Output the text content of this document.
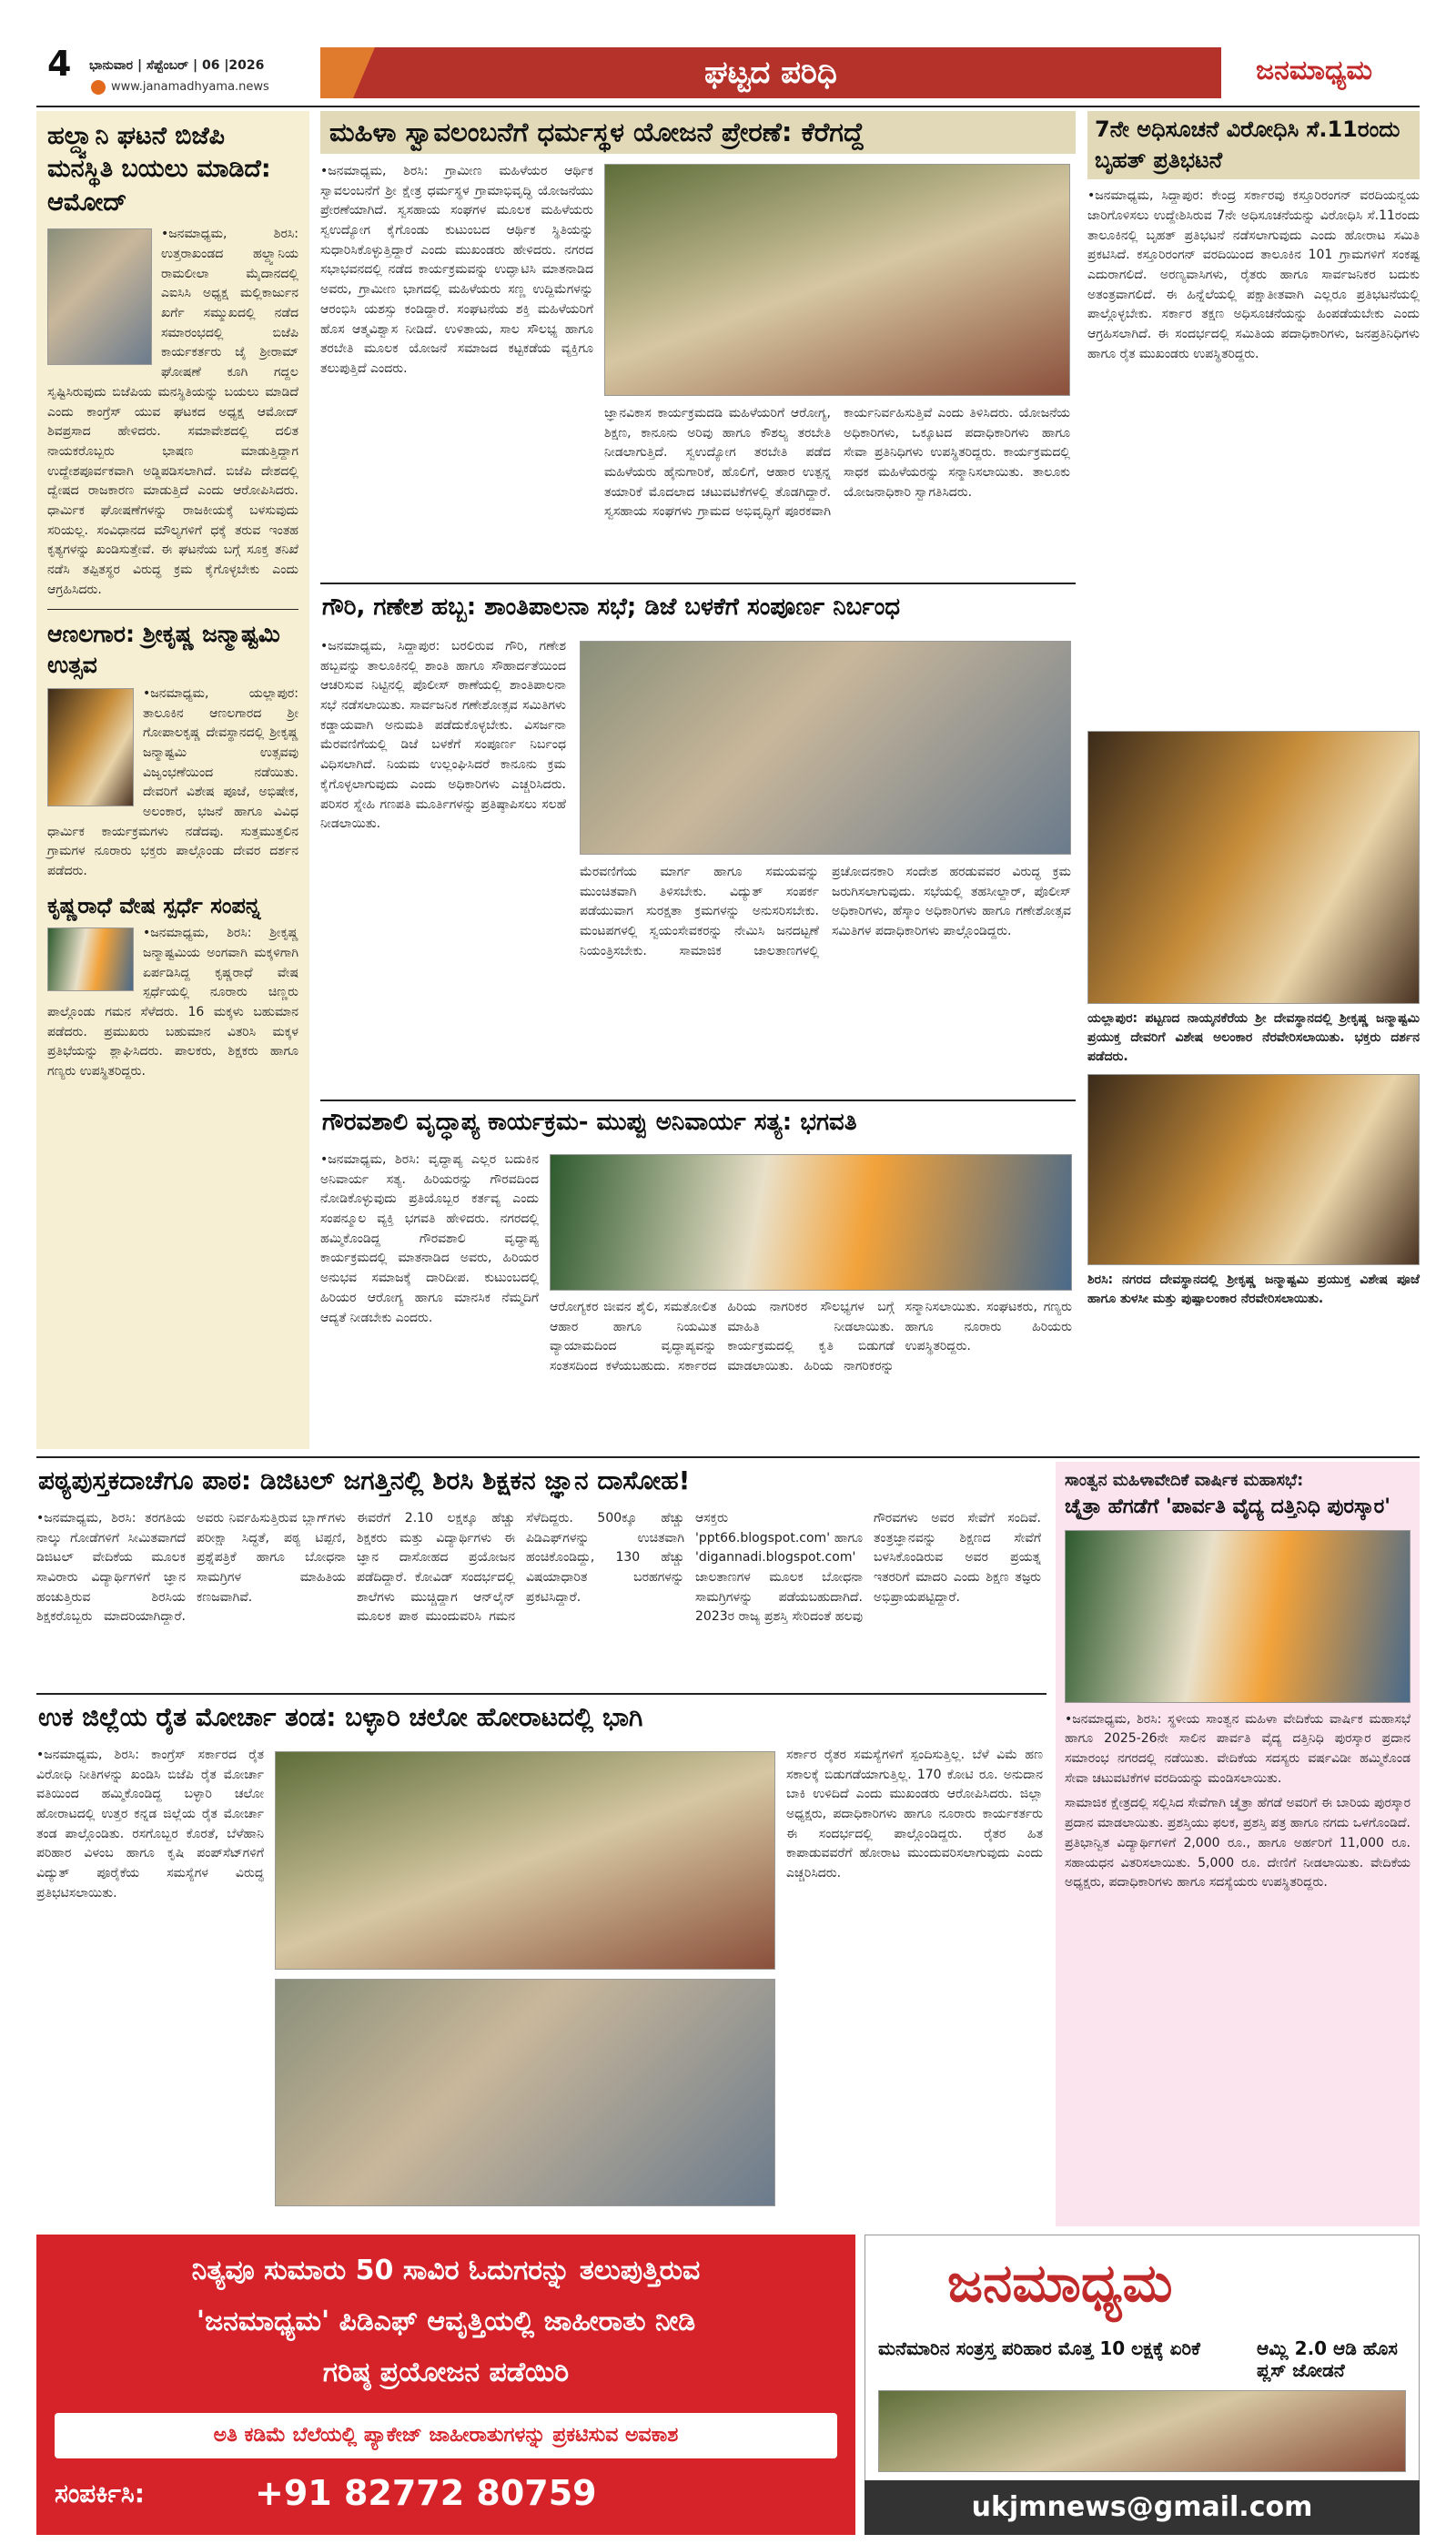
4 ಭಾನುವಾರ | ಸೆಪ್ಟೆಂಬರ್ | 06 |2026
www.janamadhyama.news	ಘಟ್ಟದ ಪರಿಧಿ	ಜನಮಾಧ್ಯಮ
ಹಲ್ದ್ವಾನಿ ಘಟನೆ ಬಿಜೆಪಿ ಮನಸ್ಥಿತಿ ಬಯಲು ಮಾಡಿದೆ: ಆಮೋದ್
•ಜನಮಾಧ್ಯಮ, ಶಿರಸಿ: ಉತ್ತರಾಖಂಡದ ಹಲ್ದ್ವಾನಿಯ ರಾಮಲೀಲಾ ಮೈದಾನದಲ್ಲಿ ಎಐಸಿಸಿ ಅಧ್ಯಕ್ಷ ಮಲ್ಲಿಕಾರ್ಜುನ ಖರ್ಗೆ ಸಮ್ಮುಖದಲ್ಲಿ ನಡೆದ ಸಮಾರಂಭದಲ್ಲಿ ಬಿಜೆಪಿ ಕಾರ್ಯಕರ್ತರು ಜೈ ಶ್ರೀರಾಮ್ ಘೋಷಣೆ ಕೂಗಿ ಗದ್ದಲ ಸೃಷ್ಟಿಸಿರುವುದು ಬಿಜೆಪಿಯ ಮನಸ್ಥಿತಿಯನ್ನು ಬಯಲು ಮಾಡಿದೆ ಎಂದು ಕಾಂಗ್ರೆಸ್ ಯುವ ಘಟಕದ ಅಧ್ಯಕ್ಷ ಆಮೋದ್ ಶಿವಪ್ರಸಾದ ಹೇಳಿದರು. ಸಮಾವೇಶದಲ್ಲಿ ದಲಿತ ನಾಯಕರೊಬ್ಬರು ಭಾಷಣ ಮಾಡುತ್ತಿದ್ದಾಗ ಉದ್ದೇಶಪೂರ್ವಕವಾಗಿ ಅಡ್ಡಿಪಡಿಸಲಾಗಿದೆ. ಬಿಜೆಪಿ ದೇಶದಲ್ಲಿ ದ್ವೇಷದ ರಾಜಕಾರಣ ಮಾಡುತ್ತಿದೆ ಎಂದು ಆರೋಪಿಸಿದರು. ಧಾರ್ಮಿಕ ಘೋಷಣೆಗಳನ್ನು ರಾಜಕೀಯಕ್ಕೆ ಬಳಸುವುದು ಸರಿಯಲ್ಲ. ಸಂವಿಧಾನದ ಮೌಲ್ಯಗಳಿಗೆ ಧಕ್ಕೆ ತರುವ ಇಂತಹ ಕೃತ್ಯಗಳನ್ನು ಖಂಡಿಸುತ್ತೇವೆ. ಈ ಘಟನೆಯ ಬಗ್ಗೆ ಸೂಕ್ತ ತನಿಖೆ ನಡೆಸಿ ತಪ್ಪಿತಸ್ಥರ ವಿರುದ್ಧ ಕ್ರಮ ಕೈಗೊಳ್ಳಬೇಕು ಎಂದು ಆಗ್ರಹಿಸಿದರು.
ಆಣಲಗಾರ: ಶ್ರೀಕೃಷ್ಣ ಜನ್ಮಾಷ್ಟಮಿ ಉತ್ಸವ
•ಜನಮಾಧ್ಯಮ, ಯಲ್ಲಾಪುರ: ತಾಲೂಕಿನ ಆಣಲಗಾರದ ಶ್ರೀ ಗೋಪಾಲಕೃಷ್ಣ ದೇವಸ್ಥಾನದಲ್ಲಿ ಶ್ರೀಕೃಷ್ಣ ಜನ್ಮಾಷ್ಟಮಿ ಉತ್ಸವವು ವಿಜೃಂಭಣೆಯಿಂದ ನಡೆಯಿತು. ದೇವರಿಗೆ ವಿಶೇಷ ಪೂಜೆ, ಅಭಿಷೇಕ, ಅಲಂಕಾರ, ಭಜನೆ ಹಾಗೂ ವಿವಿಧ ಧಾರ್ಮಿಕ ಕಾರ್ಯಕ್ರಮಗಳು ನಡೆದವು. ಸುತ್ತಮುತ್ತಲಿನ ಗ್ರಾಮಗಳ ನೂರಾರು ಭಕ್ತರು ಪಾಲ್ಗೊಂಡು ದೇವರ ದರ್ಶನ ಪಡೆದರು.
ಕೃಷ್ಣರಾಧೆ ವೇಷ ಸ್ಪರ್ಧೆ ಸಂಪನ್ನ
•ಜನಮಾಧ್ಯಮ, ಶಿರಸಿ: ಶ್ರೀಕೃಷ್ಣ ಜನ್ಮಾಷ್ಟಮಿಯ ಅಂಗವಾಗಿ ಮಕ್ಕಳಿಗಾಗಿ ಏರ್ಪಡಿಸಿದ್ದ ಕೃಷ್ಣರಾಧೆ ವೇಷ ಸ್ಪರ್ಧೆಯಲ್ಲಿ ನೂರಾರು ಚಿಣ್ಣರು ಪಾಲ್ಗೊಂಡು ಗಮನ ಸೆಳೆದರು. 16 ಮಕ್ಕಳು ಬಹುಮಾನ ಪಡೆದರು. ಪ್ರಮುಖರು ಬಹುಮಾನ ವಿತರಿಸಿ ಮಕ್ಕಳ ಪ್ರತಿಭೆಯನ್ನು ಶ್ಲಾಘಿಸಿದರು. ಪಾಲಕರು, ಶಿಕ್ಷಕರು ಹಾಗೂ ಗಣ್ಯರು ಉಪಸ್ಥಿತರಿದ್ದರು.
ಮಹಿಳಾ ಸ್ವಾವಲಂಬನೆಗೆ ಧರ್ಮಸ್ಥಳ ಯೋಜನೆ ಪ್ರೇರಣೆ: ಕೆರೆಗದ್ದೆ
•ಜನಮಾಧ್ಯಮ, ಶಿರಸಿ: ಗ್ರಾಮೀಣ ಮಹಿಳೆಯರ ಆರ್ಥಿಕ ಸ್ವಾವಲಂಬನೆಗೆ ಶ್ರೀ ಕ್ಷೇತ್ರ ಧರ್ಮಸ್ಥಳ ಗ್ರಾಮಾಭಿವೃದ್ಧಿ ಯೋಜನೆಯು ಪ್ರೇರಣೆಯಾಗಿದೆ. ಸ್ವಸಹಾಯ ಸಂಘಗಳ ಮೂಲಕ ಮಹಿಳೆಯರು ಸ್ವಉದ್ಯೋಗ ಕೈಗೊಂಡು ಕುಟುಂಬದ ಆರ್ಥಿಕ ಸ್ಥಿತಿಯನ್ನು ಸುಧಾರಿಸಿಕೊಳ್ಳುತ್ತಿದ್ದಾರೆ ಎಂದು ಮುಖಂಡರು ಹೇಳಿದರು. ನಗರದ ಸಭಾಭವನದಲ್ಲಿ ನಡೆದ ಕಾರ್ಯಕ್ರಮವನ್ನು ಉದ್ಘಾಟಿಸಿ ಮಾತನಾಡಿದ ಅವರು, ಗ್ರಾಮೀಣ ಭಾಗದಲ್ಲಿ ಮಹಿಳೆಯರು ಸಣ್ಣ ಉದ್ದಿಮೆಗಳನ್ನು ಆರಂಭಿಸಿ ಯಶಸ್ಸು ಕಂಡಿದ್ದಾರೆ. ಸಂಘಟನೆಯ ಶಕ್ತಿ ಮಹಿಳೆಯರಿಗೆ ಹೊಸ ಆತ್ಮವಿಶ್ವಾಸ ನೀಡಿದೆ. ಉಳಿತಾಯ, ಸಾಲ ಸೌಲಭ್ಯ ಹಾಗೂ ತರಬೇತಿ ಮೂಲಕ ಯೋಜನೆ ಸಮಾಜದ ಕಟ್ಟಕಡೆಯ ವ್ಯಕ್ತಿಗೂ ತಲುಪುತ್ತಿದೆ ಎಂದರು.
ಜ್ಞಾನವಿಕಾಸ ಕಾರ್ಯಕ್ರಮದಡಿ ಮಹಿಳೆಯರಿಗೆ ಆರೋಗ್ಯ, ಶಿಕ್ಷಣ, ಕಾನೂನು ಅರಿವು ಹಾಗೂ ಕೌಶಲ್ಯ ತರಬೇತಿ ನೀಡಲಾಗುತ್ತಿದೆ. ಸ್ವಉದ್ಯೋಗ ತರಬೇತಿ ಪಡೆದ ಮಹಿಳೆಯರು ಹೈನುಗಾರಿಕೆ, ಹೊಲಿಗೆ, ಆಹಾರ ಉತ್ಪನ್ನ ತಯಾರಿಕೆ ಮೊದಲಾದ ಚಟುವಟಿಕೆಗಳಲ್ಲಿ ತೊಡಗಿದ್ದಾರೆ. ಸ್ವಸಹಾಯ ಸಂಘಗಳು ಗ್ರಾಮದ ಅಭಿವೃದ್ಧಿಗೆ ಪೂರಕವಾಗಿ ಕಾರ್ಯನಿರ್ವಹಿಸುತ್ತಿವೆ ಎಂದು ತಿಳಿಸಿದರು. ಯೋಜನೆಯ ಅಧಿಕಾರಿಗಳು, ಒಕ್ಕೂಟದ ಪದಾಧಿಕಾರಿಗಳು ಹಾಗೂ ಸೇವಾ ಪ್ರತಿನಿಧಿಗಳು ಉಪಸ್ಥಿತರಿದ್ದರು. ಕಾರ್ಯಕ್ರಮದಲ್ಲಿ ಸಾಧಕ ಮಹಿಳೆಯರನ್ನು ಸನ್ಮಾನಿಸಲಾಯಿತು. ತಾಲೂಕು ಯೋಜನಾಧಿಕಾರಿ ಸ್ವಾಗತಿಸಿದರು.
7ನೇ ಅಧಿಸೂಚನೆ ವಿರೋಧಿಸಿ ಸೆ.11ರಂದು ಬೃಹತ್ ಪ್ರತಿಭಟನೆ
•ಜನಮಾಧ್ಯಮ, ಸಿದ್ದಾಪುರ: ಕೇಂದ್ರ ಸರ್ಕಾರವು ಕಸ್ತೂರಿರಂಗನ್ ವರದಿಯನ್ವಯ ಜಾರಿಗೊಳಿಸಲು ಉದ್ದೇಶಿಸಿರುವ 7ನೇ ಅಧಿಸೂಚನೆಯನ್ನು ವಿರೋಧಿಸಿ ಸೆ.11ರಂದು ತಾಲೂಕಿನಲ್ಲಿ ಬೃಹತ್ ಪ್ರತಿಭಟನೆ ನಡೆಸಲಾಗುವುದು ಎಂದು ಹೋರಾಟ ಸಮಿತಿ ಪ್ರಕಟಿಸಿದೆ. ಕಸ್ತೂರಿರಂಗನ್ ವರದಿಯಿಂದ ತಾಲೂಕಿನ 101 ಗ್ರಾಮಗಳಿಗೆ ಸಂಕಷ್ಟ ಎದುರಾಗಲಿದೆ. ಅರಣ್ಯವಾಸಿಗಳು, ರೈತರು ಹಾಗೂ ಸಾರ್ವಜನಿಕರ ಬದುಕು ಅತಂತ್ರವಾಗಲಿದೆ. ಈ ಹಿನ್ನೆಲೆಯಲ್ಲಿ ಪಕ್ಷಾತೀತವಾಗಿ ಎಲ್ಲರೂ ಪ್ರತಿಭಟನೆಯಲ್ಲಿ ಪಾಲ್ಗೊಳ್ಳಬೇಕು. ಸರ್ಕಾರ ತಕ್ಷಣ ಅಧಿಸೂಚನೆಯನ್ನು ಹಿಂಪಡೆಯಬೇಕು ಎಂದು ಆಗ್ರಹಿಸಲಾಗಿದೆ. ಈ ಸಂದರ್ಭದಲ್ಲಿ ಸಮಿತಿಯ ಪದಾಧಿಕಾರಿಗಳು, ಜನಪ್ರತಿನಿಧಿಗಳು ಹಾಗೂ ರೈತ ಮುಖಂಡರು ಉಪಸ್ಥಿತರಿದ್ದರು.
ಯಲ್ಲಾಪುರ: ಪಟ್ಟಣದ ನಾಯ್ಕನಕೆರೆಯ ಶ್ರೀ ದೇವಸ್ಥಾನದಲ್ಲಿ ಶ್ರೀಕೃಷ್ಣ ಜನ್ಮಾಷ್ಟಮಿ ಪ್ರಯುಕ್ತ ದೇವರಿಗೆ ವಿಶೇಷ ಅಲಂಕಾರ ನೆರವೇರಿಸಲಾಯಿತು. ಭಕ್ತರು ದರ್ಶನ ಪಡೆದರು.
ಶಿರಸಿ: ನಗರದ ದೇವಸ್ಥಾನದಲ್ಲಿ ಶ್ರೀಕೃಷ್ಣ ಜನ್ಮಾಷ್ಟಮಿ ಪ್ರಯುಕ್ತ ವಿಶೇಷ ಪೂಜೆ ಹಾಗೂ ತುಳಸೀ ಮತ್ತು ಪುಷ್ಪಾಲಂಕಾರ ನೆರವೇರಿಸಲಾಯಿತು.
ಗೌರಿ, ಗಣೇಶ ಹಬ್ಬ: ಶಾಂತಿಪಾಲನಾ ಸಭೆ; ಡಿಜೆ ಬಳಕೆಗೆ ಸಂಪೂರ್ಣ ನಿರ್ಬಂಧ
•ಜನಮಾಧ್ಯಮ, ಸಿದ್ದಾಪುರ: ಬರಲಿರುವ ಗೌರಿ, ಗಣೇಶ ಹಬ್ಬವನ್ನು ತಾಲೂಕಿನಲ್ಲಿ ಶಾಂತಿ ಹಾಗೂ ಸೌಹಾರ್ದತೆಯಿಂದ ಆಚರಿಸುವ ನಿಟ್ಟಿನಲ್ಲಿ ಪೊಲೀಸ್ ಠಾಣೆಯಲ್ಲಿ ಶಾಂತಿಪಾಲನಾ ಸಭೆ ನಡೆಸಲಾಯಿತು. ಸಾರ್ವಜನಿಕ ಗಣೇಶೋತ್ಸವ ಸಮಿತಿಗಳು ಕಡ್ಡಾಯವಾಗಿ ಅನುಮತಿ ಪಡೆದುಕೊಳ್ಳಬೇಕು. ವಿಸರ್ಜನಾ ಮೆರವಣಿಗೆಯಲ್ಲಿ ಡಿಜೆ ಬಳಕೆಗೆ ಸಂಪೂರ್ಣ ನಿರ್ಬಂಧ ವಿಧಿಸಲಾಗಿದೆ. ನಿಯಮ ಉಲ್ಲಂಘಿಸಿದರೆ ಕಾನೂನು ಕ್ರಮ ಕೈಗೊಳ್ಳಲಾಗುವುದು ಎಂದು ಅಧಿಕಾರಿಗಳು ಎಚ್ಚರಿಸಿದರು. ಪರಿಸರ ಸ್ನೇಹಿ ಗಣಪತಿ ಮೂರ್ತಿಗಳನ್ನು ಪ್ರತಿಷ್ಠಾಪಿಸಲು ಸಲಹೆ ನೀಡಲಾಯಿತು.
ಮೆರವಣಿಗೆಯ ಮಾರ್ಗ ಹಾಗೂ ಸಮಯವನ್ನು ಮುಂಚಿತವಾಗಿ ತಿಳಿಸಬೇಕು. ವಿದ್ಯುತ್ ಸಂಪರ್ಕ ಪಡೆಯುವಾಗ ಸುರಕ್ಷತಾ ಕ್ರಮಗಳನ್ನು ಅನುಸರಿಸಬೇಕು. ಮಂಟಪಗಳಲ್ಲಿ ಸ್ವಯಂಸೇವಕರನ್ನು ನೇಮಿಸಿ ಜನದಟ್ಟಣೆ ನಿಯಂತ್ರಿಸಬೇಕು. ಸಾಮಾಜಿಕ ಜಾಲತಾಣಗಳಲ್ಲಿ ಪ್ರಚೋದನಕಾರಿ ಸಂದೇಶ ಹರಡುವವರ ವಿರುದ್ಧ ಕ್ರಮ ಜರುಗಿಸಲಾಗುವುದು. ಸಭೆಯಲ್ಲಿ ತಹಸೀಲ್ದಾರ್, ಪೊಲೀಸ್ ಅಧಿಕಾರಿಗಳು, ಹೆಸ್ಕಾಂ ಅಧಿಕಾರಿಗಳು ಹಾಗೂ ಗಣೇಶೋತ್ಸವ ಸಮಿತಿಗಳ ಪದಾಧಿಕಾರಿಗಳು ಪಾಲ್ಗೊಂಡಿದ್ದರು.
ಗೌರವಶಾಲಿ ವೃದ್ಧಾಪ್ಯ ಕಾರ್ಯಕ್ರಮ- ಮುಪ್ಪು ಅನಿವಾರ್ಯ ಸತ್ಯ: ಭಗವತಿ
•ಜನಮಾಧ್ಯಮ, ಶಿರಸಿ: ವೃದ್ಧಾಪ್ಯ ಎಲ್ಲರ ಬದುಕಿನ ಅನಿವಾರ್ಯ ಸತ್ಯ. ಹಿರಿಯರನ್ನು ಗೌರವದಿಂದ ನೋಡಿಕೊಳ್ಳುವುದು ಪ್ರತಿಯೊಬ್ಬರ ಕರ್ತವ್ಯ ಎಂದು ಸಂಪನ್ಮೂಲ ವ್ಯಕ್ತಿ ಭಗವತಿ ಹೇಳಿದರು. ನಗರದಲ್ಲಿ ಹಮ್ಮಿಕೊಂಡಿದ್ದ ಗೌರವಶಾಲಿ ವೃದ್ಧಾಪ್ಯ ಕಾರ್ಯಕ್ರಮದಲ್ಲಿ ಮಾತನಾಡಿದ ಅವರು, ಹಿರಿಯರ ಅನುಭವ ಸಮಾಜಕ್ಕೆ ದಾರಿದೀಪ. ಕುಟುಂಬದಲ್ಲಿ ಹಿರಿಯರ ಆರೋಗ್ಯ ಹಾಗೂ ಮಾನಸಿಕ ನೆಮ್ಮದಿಗೆ ಆದ್ಯತೆ ನೀಡಬೇಕು ಎಂದರು.
ಆರೋಗ್ಯಕರ ಜೀವನ ಶೈಲಿ, ಸಮತೋಲಿತ ಆಹಾರ ಹಾಗೂ ನಿಯಮಿತ ವ್ಯಾಯಾಮದಿಂದ ವೃದ್ಧಾಪ್ಯವನ್ನು ಸಂತಸದಿಂದ ಕಳೆಯಬಹುದು. ಸರ್ಕಾರದ ಹಿರಿಯ ನಾಗರಿಕರ ಸೌಲಭ್ಯಗಳ ಬಗ್ಗೆ ಮಾಹಿತಿ ನೀಡಲಾಯಿತು. ಕಾರ್ಯಕ್ರಮದಲ್ಲಿ ಕೃತಿ ಬಿಡುಗಡೆ ಮಾಡಲಾಯಿತು. ಹಿರಿಯ ನಾಗರಿಕರನ್ನು ಸನ್ಮಾನಿಸಲಾಯಿತು. ಸಂಘಟಕರು, ಗಣ್ಯರು ಹಾಗೂ ನೂರಾರು ಹಿರಿಯರು ಉಪಸ್ಥಿತರಿದ್ದರು.
ಪಠ್ಯಪುಸ್ತಕದಾಚೆಗೂ ಪಾಠ: ಡಿಜಿಟಲ್ ಜಗತ್ತಿನಲ್ಲಿ ಶಿರಸಿ ಶಿಕ್ಷಕನ ಜ್ಞಾನ ದಾಸೋಹ!
•ಜನಮಾಧ್ಯಮ, ಶಿರಸಿ: ತರಗತಿಯ ನಾಲ್ಕು ಗೋಡೆಗಳಿಗೆ ಸೀಮಿತವಾಗದೆ ಡಿಜಿಟಲ್ ವೇದಿಕೆಯ ಮೂಲಕ ಸಾವಿರಾರು ವಿದ್ಯಾರ್ಥಿಗಳಿಗೆ ಜ್ಞಾನ ಹಂಚುತ್ತಿರುವ ಶಿರಸಿಯ ಶಿಕ್ಷಕರೊಬ್ಬರು ಮಾದರಿಯಾಗಿದ್ದಾರೆ. ಅವರು ನಿರ್ವಹಿಸುತ್ತಿರುವ ಬ್ಲಾಗ್‌ಗಳು ಪರೀಕ್ಷಾ ಸಿದ್ಧತೆ, ಪಠ್ಯ ಟಿಪ್ಪಣಿ, ಪ್ರಶ್ನೆಪತ್ರಿಕೆ ಹಾಗೂ ಬೋಧನಾ ಸಾಮಗ್ರಿಗಳ ಮಾಹಿತಿಯ ಕಣಜವಾಗಿವೆ.
ಈವರೆಗೆ 2.10 ಲಕ್ಷಕ್ಕೂ ಹೆಚ್ಚು ಶಿಕ್ಷಕರು ಮತ್ತು ವಿದ್ಯಾರ್ಥಿಗಳು ಈ ಜ್ಞಾನ ದಾಸೋಹದ ಪ್ರಯೋಜನ ಪಡೆದಿದ್ದಾರೆ. ಕೋವಿಡ್ ಸಂದರ್ಭದಲ್ಲಿ ಶಾಲೆಗಳು ಮುಚ್ಚಿದ್ದಾಗ ಆನ್‌ಲೈನ್ ಮೂಲಕ ಪಾಠ ಮುಂದುವರಿಸಿ ಗಮನ ಸೆಳೆದಿದ್ದರು. 500ಕ್ಕೂ ಹೆಚ್ಚು ಪಿಡಿಎಫ್‌ಗಳನ್ನು ಉಚಿತವಾಗಿ ಹಂಚಿಕೊಂಡಿದ್ದು, 130 ಹೆಚ್ಚು ವಿಷಯಾಧಾರಿತ ಬರಹಗಳನ್ನು ಪ್ರಕಟಿಸಿದ್ದಾರೆ.
ಆಸಕ್ತರು 'ppt66.blogspot.com' ಹಾಗೂ 'digannadi.blogspot.com' ಜಾಲತಾಣಗಳ ಮೂಲಕ ಬೋಧನಾ ಸಾಮಗ್ರಿಗಳನ್ನು ಪಡೆಯಬಹುದಾಗಿದೆ. 2023ರ ರಾಜ್ಯ ಪ್ರಶಸ್ತಿ ಸೇರಿದಂತೆ ಹಲವು ಗೌರವಗಳು ಅವರ ಸೇವೆಗೆ ಸಂದಿವೆ. ತಂತ್ರಜ್ಞಾನವನ್ನು ಶಿಕ್ಷಣದ ಸೇವೆಗೆ ಬಳಸಿಕೊಂಡಿರುವ ಅವರ ಪ್ರಯತ್ನ ಇತರರಿಗೆ ಮಾದರಿ ಎಂದು ಶಿಕ್ಷಣ ತಜ್ಞರು ಅಭಿಪ್ರಾಯಪಟ್ಟಿದ್ದಾರೆ.
ಸಾಂತ್ವನ ಮಹಿಳಾವೇದಿಕೆ ವಾರ್ಷಿಕ ಮಹಾಸಭೆ:
ಚೈತ್ರಾ ಹೆಗಡೆಗೆ 'ಪಾರ್ವತಿ ವೈದ್ಯ ದತ್ತಿನಿಧಿ ಪುರಸ್ಕಾರ'
•ಜನಮಾಧ್ಯಮ, ಶಿರಸಿ: ಸ್ಥಳೀಯ ಸಾಂತ್ವನ ಮಹಿಳಾ ವೇದಿಕೆಯ ವಾರ್ಷಿಕ ಮಹಾಸಭೆ ಹಾಗೂ 2025-26ನೇ ಸಾಲಿನ ಪಾರ್ವತಿ ವೈದ್ಯ ದತ್ತಿನಿಧಿ ಪುರಸ್ಕಾರ ಪ್ರದಾನ ಸಮಾರಂಭ ನಗರದಲ್ಲಿ ನಡೆಯಿತು. ವೇದಿಕೆಯ ಸದಸ್ಯರು ವರ್ಷವಿಡೀ ಹಮ್ಮಿಕೊಂಡ ಸೇವಾ ಚಟುವಟಿಕೆಗಳ ವರದಿಯನ್ನು ಮಂಡಿಸಲಾಯಿತು.
ಸಾಮಾಜಿಕ ಕ್ಷೇತ್ರದಲ್ಲಿ ಸಲ್ಲಿಸಿದ ಸೇವೆಗಾಗಿ ಚೈತ್ರಾ ಹೆಗಡೆ ಅವರಿಗೆ ಈ ಬಾರಿಯ ಪುರಸ್ಕಾರ ಪ್ರದಾನ ಮಾಡಲಾಯಿತು. ಪ್ರಶಸ್ತಿಯು ಫಲಕ, ಪ್ರಶಸ್ತಿ ಪತ್ರ ಹಾಗೂ ನಗದು ಒಳಗೊಂಡಿದೆ. ಪ್ರತಿಭಾನ್ವಿತ ವಿದ್ಯಾರ್ಥಿಗಳಿಗೆ 2,000 ರೂ., ಹಾಗೂ ಅರ್ಹರಿಗೆ 11,000 ರೂ. ಸಹಾಯಧನ ವಿತರಿಸಲಾಯಿತು. 5,000 ರೂ. ದೇಣಿಗೆ ನೀಡಲಾಯಿತು. ವೇದಿಕೆಯ ಅಧ್ಯಕ್ಷರು, ಪದಾಧಿಕಾರಿಗಳು ಹಾಗೂ ಸದಸ್ಯೆಯರು ಉಪಸ್ಥಿತರಿದ್ದರು.
ಉಕ ಜಿಲ್ಲೆಯ ರೈತ ಮೋರ್ಚಾ ತಂಡ: ಬಳ್ಳಾರಿ ಚಲೋ ಹೋರಾಟದಲ್ಲಿ ಭಾಗಿ
•ಜನಮಾಧ್ಯಮ, ಶಿರಸಿ: ಕಾಂಗ್ರೆಸ್ ಸರ್ಕಾರದ ರೈತ ವಿರೋಧಿ ನೀತಿಗಳನ್ನು ಖಂಡಿಸಿ ಬಿಜೆಪಿ ರೈತ ಮೋರ್ಚಾ ವತಿಯಿಂದ ಹಮ್ಮಿಕೊಂಡಿದ್ದ ಬಳ್ಳಾರಿ ಚಲೋ ಹೋರಾಟದಲ್ಲಿ ಉತ್ತರ ಕನ್ನಡ ಜಿಲ್ಲೆಯ ರೈತ ಮೋರ್ಚಾ ತಂಡ ಪಾಲ್ಗೊಂಡಿತು. ರಸಗೊಬ್ಬರ ಕೊರತೆ, ಬೆಳೆಹಾನಿ ಪರಿಹಾರ ವಿಳಂಬ ಹಾಗೂ ಕೃಷಿ ಪಂಪ್‌ಸೆಟ್‌ಗಳಿಗೆ ವಿದ್ಯುತ್ ಪೂರೈಕೆಯ ಸಮಸ್ಯೆಗಳ ವಿರುದ್ಧ ಪ್ರತಿಭಟಿಸಲಾಯಿತು.
ಸರ್ಕಾರ ರೈತರ ಸಮಸ್ಯೆಗಳಿಗೆ ಸ್ಪಂದಿಸುತ್ತಿಲ್ಲ. ಬೆಳೆ ವಿಮೆ ಹಣ ಸಕಾಲಕ್ಕೆ ಬಿಡುಗಡೆಯಾಗುತ್ತಿಲ್ಲ. 170 ಕೋಟಿ ರೂ. ಅನುದಾನ ಬಾಕಿ ಉಳಿದಿದೆ ಎಂದು ಮುಖಂಡರು ಆರೋಪಿಸಿದರು. ಜಿಲ್ಲಾ ಅಧ್ಯಕ್ಷರು, ಪದಾಧಿಕಾರಿಗಳು ಹಾಗೂ ನೂರಾರು ಕಾರ್ಯಕರ್ತರು ಈ ಸಂದರ್ಭದಲ್ಲಿ ಪಾಲ್ಗೊಂಡಿದ್ದರು. ರೈತರ ಹಿತ ಕಾಪಾಡುವವರೆಗೆ ಹೋರಾಟ ಮುಂದುವರಿಸಲಾಗುವುದು ಎಂದು ಎಚ್ಚರಿಸಿದರು.
ನಿತ್ಯವೂ ಸುಮಾರು 50 ಸಾವಿರ ಓದುಗರನ್ನು ತಲುಪುತ್ತಿರುವ
'ಜನಮಾಧ್ಯಮ' ಪಿಡಿಎಫ್ ಆವೃತ್ತಿಯಲ್ಲಿ ಜಾಹೀರಾತು ನೀಡಿ
ಗರಿಷ್ಠ ಪ್ರಯೋಜನ ಪಡೆಯಿರಿ
ಅತಿ ಕಡಿಮೆ ಬೆಲೆಯಲ್ಲಿ ಪ್ಯಾಕೇಜ್ ಜಾಹೀರಾತುಗಳನ್ನು ಪ್ರಕಟಿಸುವ ಅವಕಾಶ
ಸಂಪರ್ಕಿಸಿ:	+91 82772 80759
ಜನಮಾಧ್ಯಮ
ಮನೆಮಾರಿನ ಸಂತ್ರಸ್ತ ಪರಿಹಾರ ಮೊತ್ತ 10 ಲಕ್ಷಕ್ಕೆ ಏರಿಕೆ	ಆಮ್ಲಿ 2.0 ಆಡಿ ಹೊಸ ಪ್ಲಸ್ ಜೋಡನೆ
ukjmnews@gmail.com
